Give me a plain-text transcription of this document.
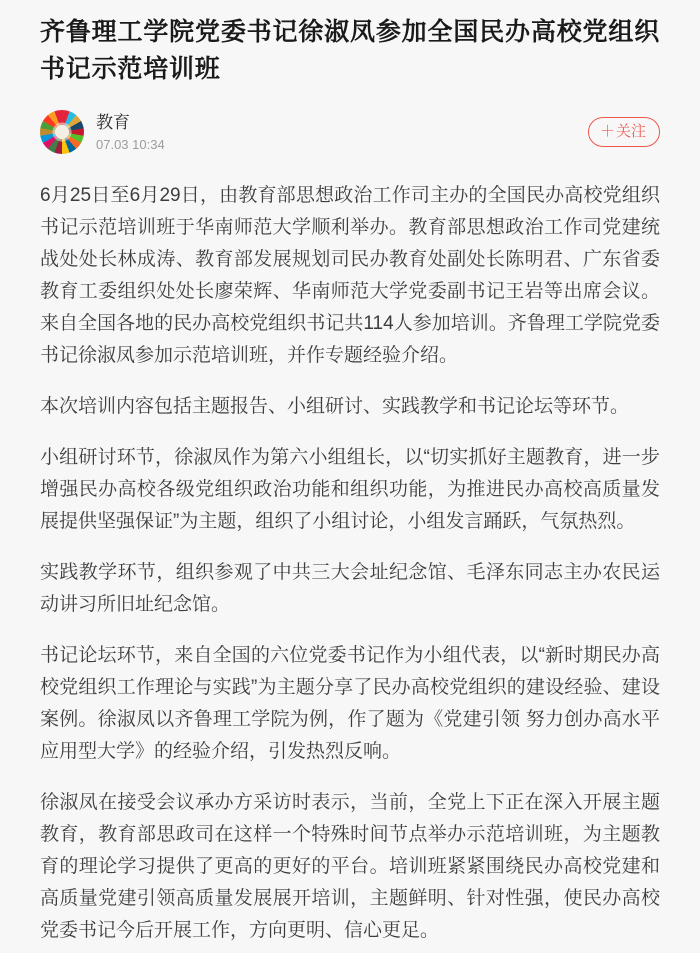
齐鲁理工学院党委书记徐淑凤参加全国民办高校党组织书记示范培训班
教育
07.03 10:34
＋ 关注

6月25日至6月29日，由教育部思想政治工作司主办的全国民办高校党组织书记示范培训班于华南师范大学顺利举办。教育部思想政治工作司党建统战处处长林成涛、教育部发展规划司民办教育处副处长陈明君、广东省委教育工委组织处处长廖荣辉、华南师范大学党委副书记王岩等出席会议。来自全国各地的民办高校党组织书记共114人参加培训。齐鲁理工学院党委书记徐淑凤参加示范培训班，并作专题经验介绍。

本次培训内容包括主题报告、小组研讨、实践教学和书记论坛等环节。

小组研讨环节，徐淑凤作为第六小组组长，以“切实抓好主题教育，进一步增强民办高校各级党组织政治功能和组织功能，为推进民办高校高质量发展提供坚强保证”为主题，组织了小组讨论，小组发言踊跃，气氛热烈。

实践教学环节，组织参观了中共三大会址纪念馆、毛泽东同志主办农民运动讲习所旧址纪念馆。

书记论坛环节，来自全国的六位党委书记作为小组代表，以“新时期民办高校党组织工作理论与实践”为主题分享了民办高校党组织的建设经验、建设案例。徐淑凤以齐鲁理工学院为例，作了题为《党建引领 努力创办高水平应用型大学》的经验介绍，引发热烈反响。

徐淑凤在接受会议承办方采访时表示，当前，全党上下正在深入开展主题教育，教育部思政司在这样一个特殊时间节点举办示范培训班，为主题教育的理论学习提供了更高的更好的平台。培训班紧紧围绕民办高校党建和高质量党建引领高质量发展展开培训，主题鲜明、针对性强，使民办高校党委书记今后开展工作，方向更明、信心更足。
